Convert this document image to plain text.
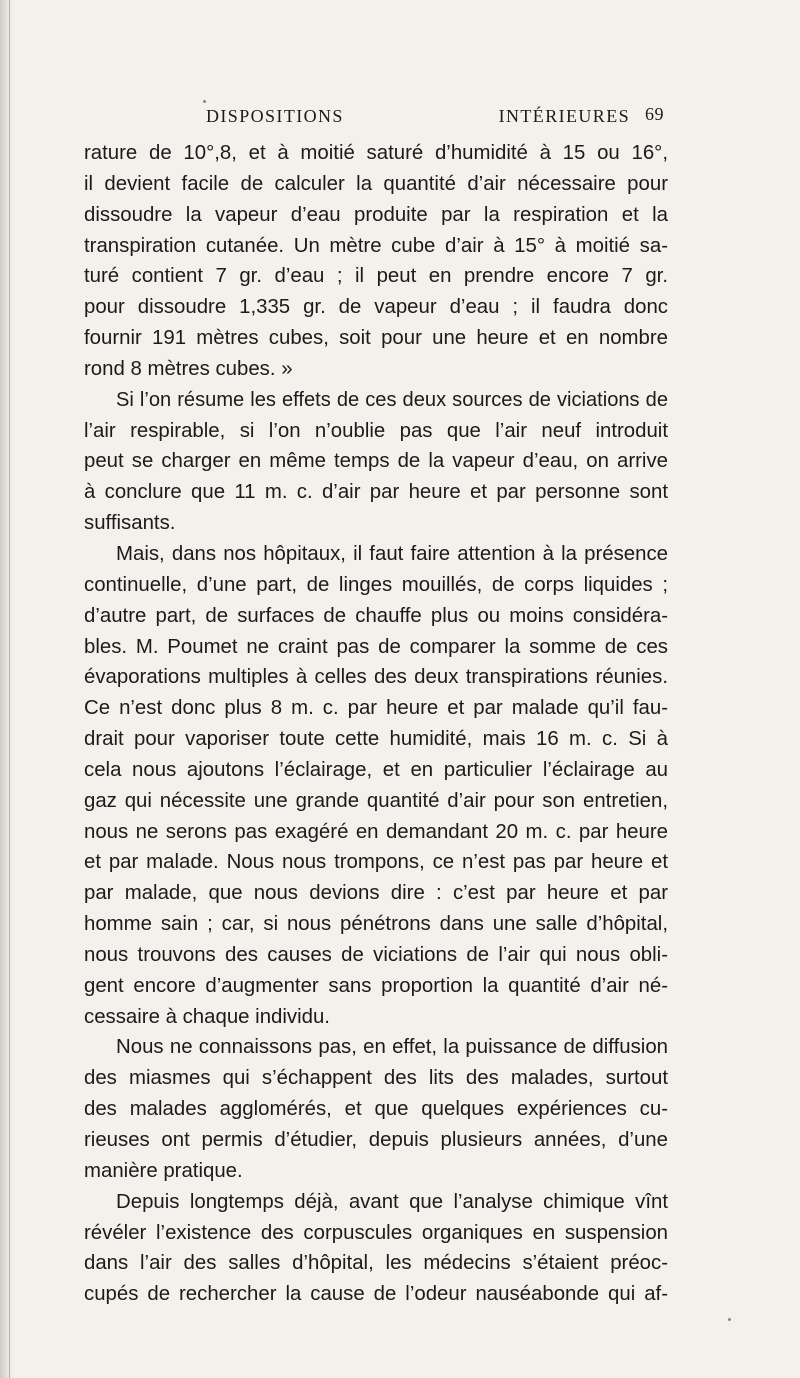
DISPOSITIONS INTÉRIEURES 69
rature de 10°,8, et à moitié saturé d’humidité à 15 ou 16°,
il devient facile de calculer la quantité d’air nécessaire pour
dissoudre la vapeur d’eau produite par la respiration et la
transpiration cutanée. Un mètre cube d’air à 15° à moitié sa-
turé contient 7 gr. d’eau ; il peut en prendre encore 7 gr.
pour dissoudre 1,335 gr. de vapeur d’eau ; il faudra donc
fournir 191 mètres cubes, soit pour une heure et en nombre
rond 8 mètres cubes. »
Si l’on résume les effets de ces deux sources de viciations de
l’air respirable, si l’on n’oublie pas que l’air neuf introduit
peut se charger en même temps de la vapeur d’eau, on arrive
à conclure que 11 m. c. d’air par heure et par personne sont
suffisants.
Mais, dans nos hôpitaux, il faut faire attention à la présence
continuelle, d’une part, de linges mouillés, de corps liquides ;
d’autre part, de surfaces de chauffe plus ou moins considéra-
bles. M. Poumet ne craint pas de comparer la somme de ces
évaporations multiples à celles des deux transpirations réunies.
Ce n’est donc plus 8 m. c. par heure et par malade qu’il fau-
drait pour vaporiser toute cette humidité, mais 16 m. c. Si à
cela nous ajoutons l’éclairage, et en particulier l’éclairage au
gaz qui nécessite une grande quantité d’air pour son entretien,
nous ne serons pas exagéré en demandant 20 m. c. par heure
et par malade. Nous nous trompons, ce n’est pas par heure et
par malade, que nous devions dire : c’est par heure et par
homme sain ; car, si nous pénétrons dans une salle d’hôpital,
nous trouvons des causes de viciations de l’air qui nous obli-
gent encore d’augmenter sans proportion la quantité d’air né-
cessaire à chaque individu.
Nous ne connaissons pas, en effet, la puissance de diffusion
des miasmes qui s’échappent des lits des malades, surtout
des malades agglomérés, et que quelques expériences cu-
rieuses ont permis d’étudier, depuis plusieurs années, d’une
manière pratique.
Depuis longtemps déjà, avant que l’analyse chimique vînt
révéler l’existence des corpuscules organiques en suspension
dans l’air des salles d’hôpital, les médecins s’étaient préoc-
cupés de rechercher la cause de l’odeur nauséabonde qui af-
